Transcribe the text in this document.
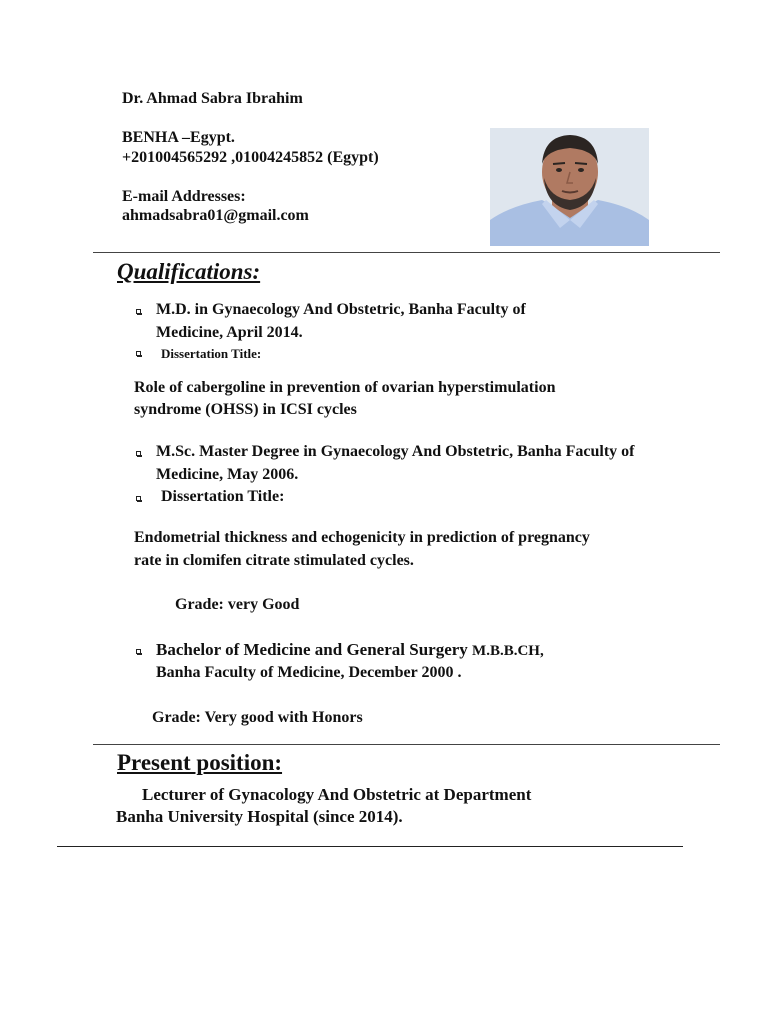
Dr. Ahmad Sabra Ibrahim
BENHA –Egypt.
+201004565292 ,01004245852 (Egypt)
E-mail Addresses:
ahmadsabra01@gmail.com
Qualifications:
M.D. in Gynaecology And Obstetric, Banha Faculty of
Medicine, April 2014.
Dissertation Title:
Role of cabergoline in prevention of ovarian hyperstimulation
syndrome (OHSS) in ICSI cycles
M.Sc. Master Degree in Gynaecology And Obstetric, Banha Faculty of
Medicine, May 2006.
Dissertation Title:
Endometrial thickness and echogenicity in prediction of pregnancy
rate in clomifen citrate stimulated cycles.
Grade: very Good
Bachelor of Medicine and General Surgery M.B.B.CH,
Banha Faculty of Medicine, December 2000 .
Grade: Very good with Honors
Present position:
Lecturer of Gynacology And Obstetric at Department
Banha University Hospital (since 2014).
